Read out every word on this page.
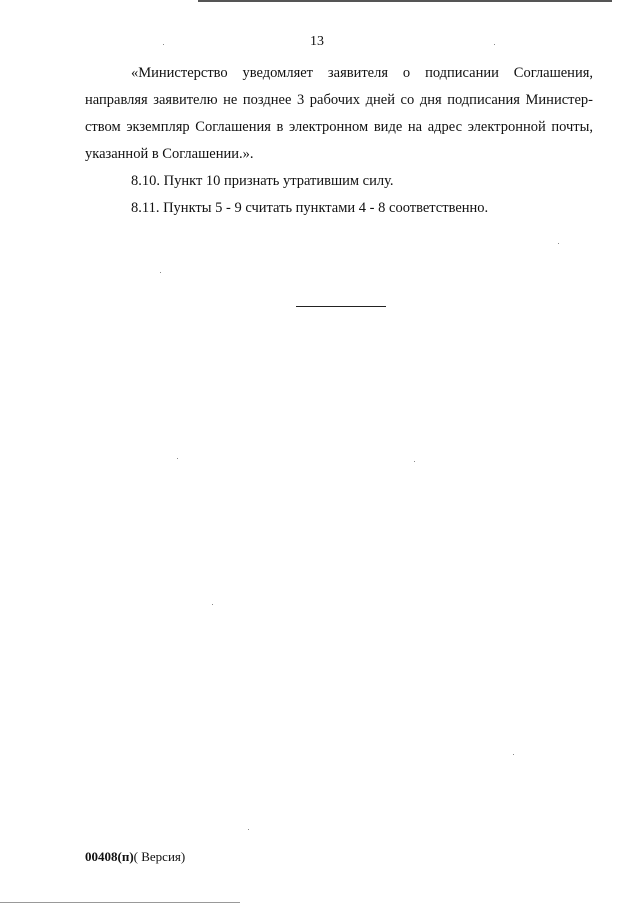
13
«Министерство уведомляет заявителя о подписании Соглашения,
направляя заявителю не позднее 3 рабочих дней со дня подписания Министер-
ством экземпляр Соглашения в электронном виде на адрес электронной почты,
указанной в Соглашении.».

8.10. Пункт 10 признать утратившим силу.

8.11. Пункты 5 - 9 считать пунктами 4 - 8 соответственно.

00408(п)( Версия)
